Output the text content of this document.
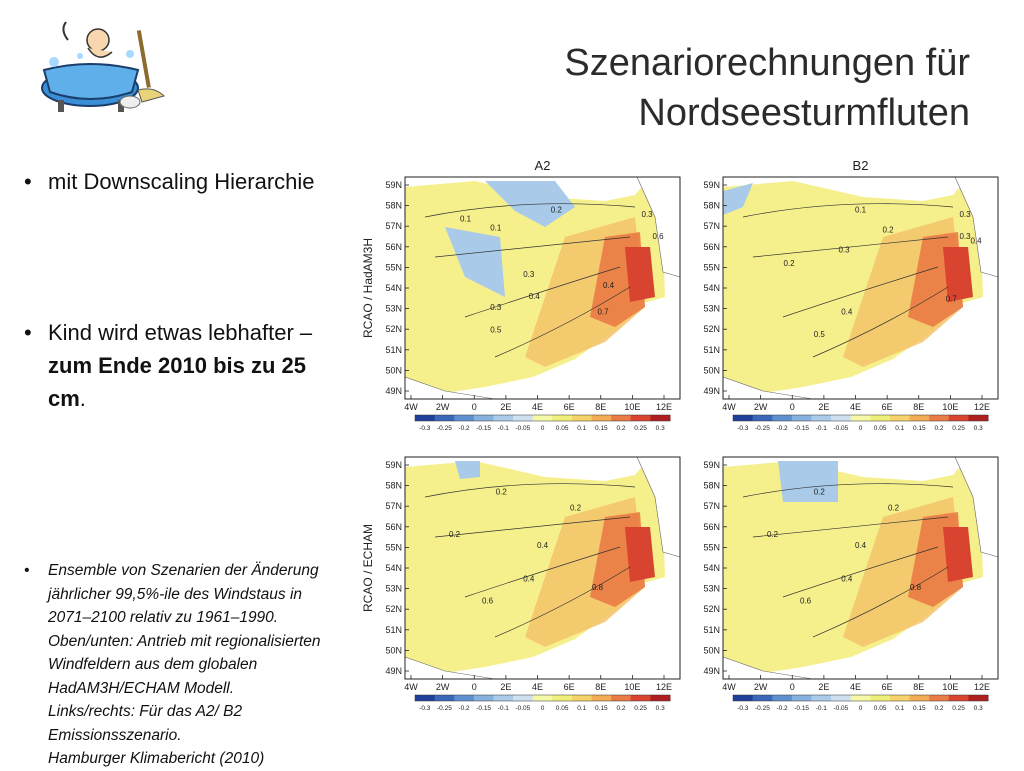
Szenariorechnungen für
Nordseesturmfluten
• mit Downscaling Hierarchie
• Kind wird etwas lebhafter – zum Ende 2010 bis zu 25 cm.
• Ensemble von Szenarien der Änderung jährlicher 99,5%-ile des Windstaus in 2071–2100 relativ zu 1961–1990.
Oben/unten: Antrieb mit regionalisierten Windfeldern aus dem globalen HadAM3H/ECHAM Modell.
Links/rechts: Für das A2/ B2 Emissionsszenario.
Hamburger Klimabericht (2010)
A2	B2
RCAO / HadAM3H
RCAO / ECHAM
0.1
0.2
0.1
0.3
0.3
0.4
0.3
0.5
0.7
0.6
0.4
59N
58N
57N
56N
55N
54N
53N
52N
51N
50N
49N
4W 2W 0	2E 4E 6E 8E 10E 12E
-0.3 -0.25 -0.2 -0.15 -0.1 -0.05 0 0.05 0.1 0.15 0.2 0.25 0.3
0.1
0.2
0.3
0.2
0.3
0.4
0.5
0.7
0.3 0.4
59N
58N
57N
56N
55N
54N
53N
52N
51N
50N
49N
4W 2W 0	2E 4E 6E 8E 10E 12E
-0.3 -0.25 -0.2 -0.15 -0.1 -0.05 0 0.05 0.1 0.15 0.2 0.25 0.3
0.2
0.2
0.2
0.4
0.6
0.4
0.8
59N
58N
57N
56N
55N
54N
53N
52N
51N
50N
49N
4W 2W 0	2E 4E 6E 8E 10E 12E
-0.3 -0.25 -0.2 -0.15 -0.1 -0.05 0 0.05 0.1 0.15 0.2 0.25 0.3
0.2
0.2
0.2
0.4
0.6
0.4
0.8
59N
58N
57N
56N
55N
54N
53N
52N
51N
50N
49N
4W 2W 0	2E 4E 6E 8E 10E 12E
-0.3 -0.25 -0.2 -0.15 -0.1 -0.05 0 0.05 0.1 0.15 0.2 0.25 0.3
